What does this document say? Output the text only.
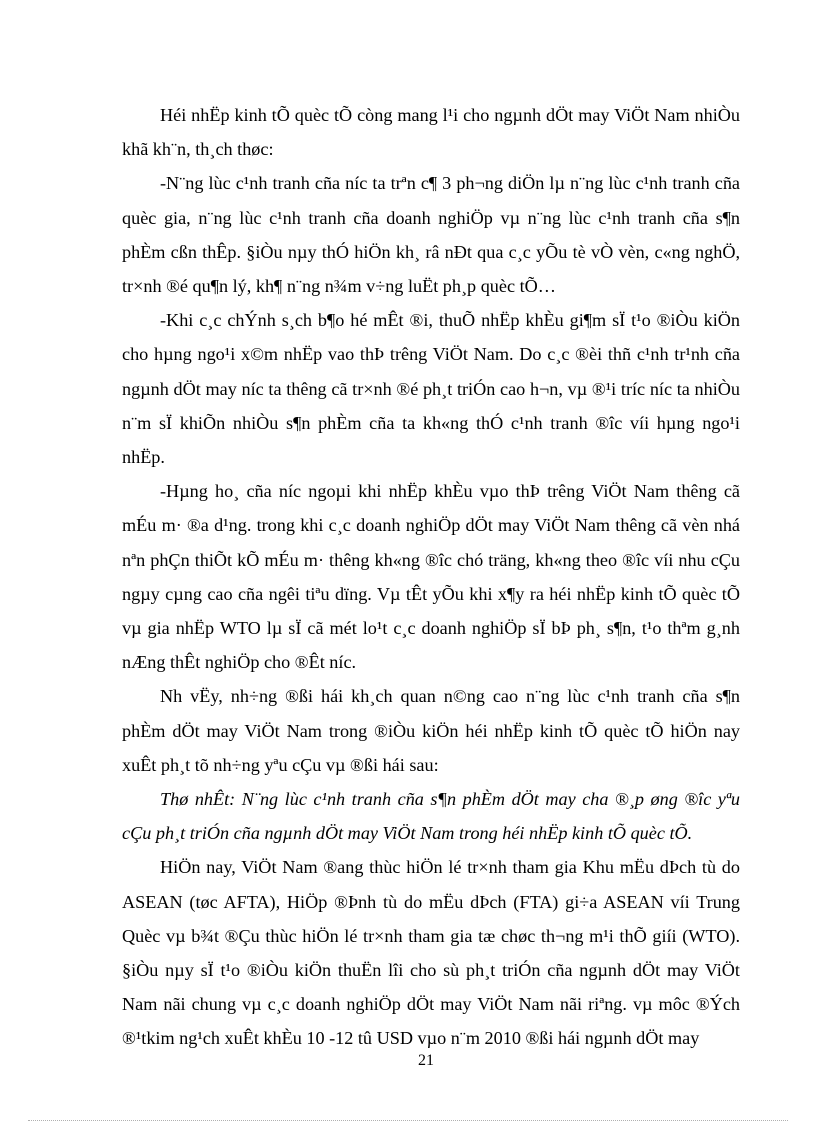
Héi nhËp kinh tÕ quèc tÕ còng mang l¹i cho ngµnh dÖt may ViÖt Nam nhiÒu khã kh¨n, th¸ch thøc:

-N¨ng lùc c¹nh tranh cña níc ta trªn c¶ 3 ph¬ng diÖn lµ n¨ng lùc c¹nh tranh cña quèc gia, n¨ng lùc c¹nh tranh cña doanh nghiÖp vµ n¨ng lùc c¹nh tranh cña s¶n phÈm cßn thÊp. §iÒu nµy thÓ hiÖn kh¸ râ nÐt qua c¸c yÕu tè vÒ vèn, c«ng nghÖ, tr×nh ®é qu¶n lý, kh¶ n¨ng n¾m v÷ng luËt ph¸p quèc tÕ…

-Khi c¸c chÝnh s¸ch b¶o hé mÊt ®i, thuÕ nhËp khÈu gi¶m sÏ t¹o ®iÒu kiÖn cho hµng ngo¹i x©m nhËp vao thÞ trêng ViÖt Nam. Do c¸c ®èi thñ c¹nh tr¹nh cña ngµnh dÖt may níc ta thêng cã tr×nh ®é ph¸t triÓn cao h¬n, vµ ®¹i tríc níc ta nhiÒu n¨m sÏ khiÕn nhiÒu s¶n phÈm cña ta kh«ng thÓ c¹nh tranh ®îc víi hµng ngo¹i nhËp.

-Hµng ho¸ cña níc ngoµi khi nhËp khÈu vµo thÞ trêng ViÖt Nam thêng cã mÉu m· ®a d¹ng. trong khi c¸c doanh nghiÖp dÖt may ViÖt Nam thêng cã vèn nhá nªn phÇn thiÕt kÕ mÉu m· thêng kh«ng ®îc chó träng, kh«ng theo ®îc víi nhu cÇu ngµy cµng cao cña ngêi tiªu dïng. Vµ tÊt yÕu khi x¶y ra héi nhËp kinh tÕ quèc tÕ vµ gia nhËp WTO lµ sÏ cã mét lo¹t c¸c doanh nghiÖp sÏ bÞ ph¸ s¶n, t¹o thªm g¸nh nÆng thÊt nghiÖp cho ®Êt níc.

Nh vËy, nh÷ng ®ßi hái kh¸ch quan n©ng cao n¨ng lùc c¹nh tranh cña s¶n phÈm dÖt may ViÖt Nam trong ®iÒu kiÖn héi nhËp kinh tÕ quèc tÕ hiÖn nay xuÊt ph¸t tõ nh÷ng yªu cÇu vµ ®ßi hái sau:

Thø nhÊt: N¨ng lùc c¹nh tranh cña s¶n phÈm dÖt may cha ®¸p øng ®îc yªu cÇu ph¸t triÓn cña ngµnh dÖt may ViÖt Nam trong héi nhËp kinh tÕ quèc tÕ.

HiÖn nay, ViÖt Nam ®ang thùc hiÖn lé tr×nh tham gia Khu mËu dÞch tù do ASEAN (tøc AFTA), HiÖp ®Þnh tù do mËu dÞch (FTA) gi÷a ASEAN víi Trung Quèc vµ b¾t ®Çu thùc hiÖn lé tr×nh tham gia tæ chøc th¬ng m¹i thÕ giíi (WTO). §iÒu nµy sÏ t¹o ®iÒu kiÖn thuËn lîi cho sù ph¸t triÓn cña ngµnh dÖt may ViÖt Nam nãi chung vµ c¸c doanh nghiÖp dÖt may ViÖt Nam nãi riªng. vµ môc ®Ých ®¹tkim ng¹ch xuÊt khÈu 10 -12 tû USD vµo n¨m 2010 ®ßi hái ngµnh dÖt may

21
